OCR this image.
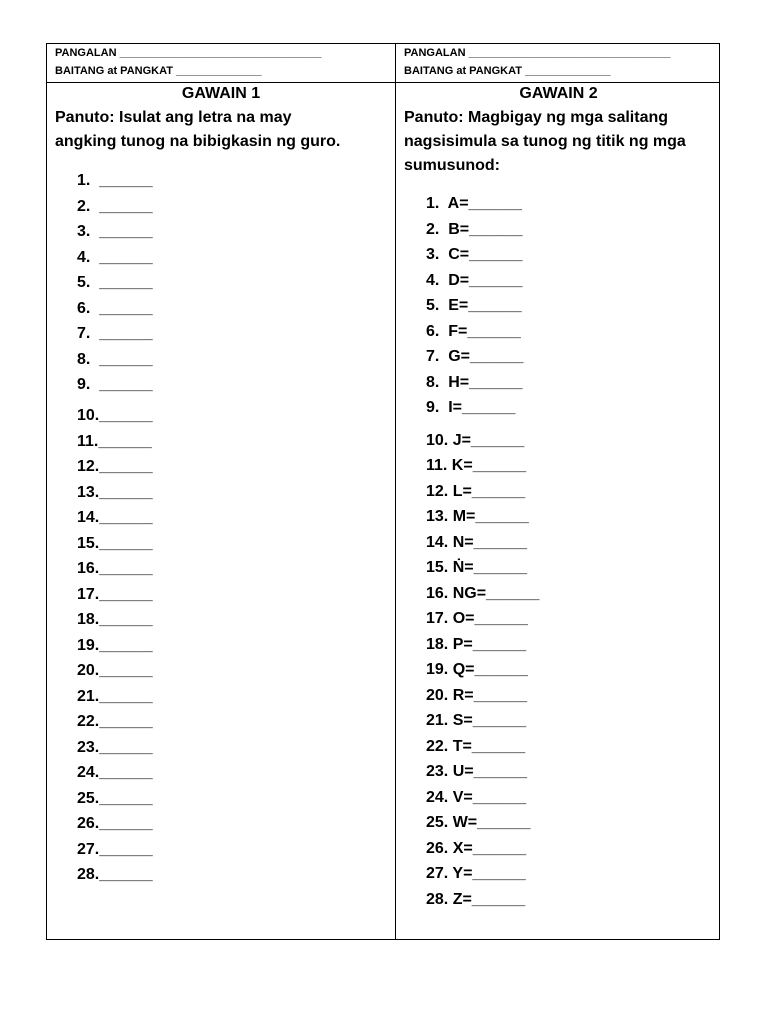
PANGALAN _________________________________
BAITANG at PANGKAT ______________
GAWAIN 1
Panuto: Isulat ang letra na may
angking tunog na bibigkasin ng guro.
1.  ______
2.  ______
3.  ______
4.  ______
5.  ______
6.  ______
7.  ______
8.  ______
9.  ______
10.______
11.______
12.______
13.______
14.______
15.______
16.______
17.______
18.______
19.______
20.______
21.______
22.______
23.______
24.______
25.______
26.______
27.______
28.______
PANGALAN _________________________________
BAITANG at PANGKAT ______________
GAWAIN 2
Panuto: Magbigay ng mga salitang
nagsisimula sa tunog ng titik ng mga
sumusunod:
1.  A=______
2.  B=______
3.  C=______
4.  D=______
5.  E=______
6.  F=______
7.  G=______
8.  H=______
9.  I=______
10. J=______
11. K=______
12. L=______
13. M=______
14. N=______
15. Ṅ=______
16. NG=______
17. O=______
18. P=______
19. Q=______
20. R=______
21. S=______
22. T=______
23. U=______
24. V=______
25. W=______
26. X=______
27. Y=______
28. Z=______
